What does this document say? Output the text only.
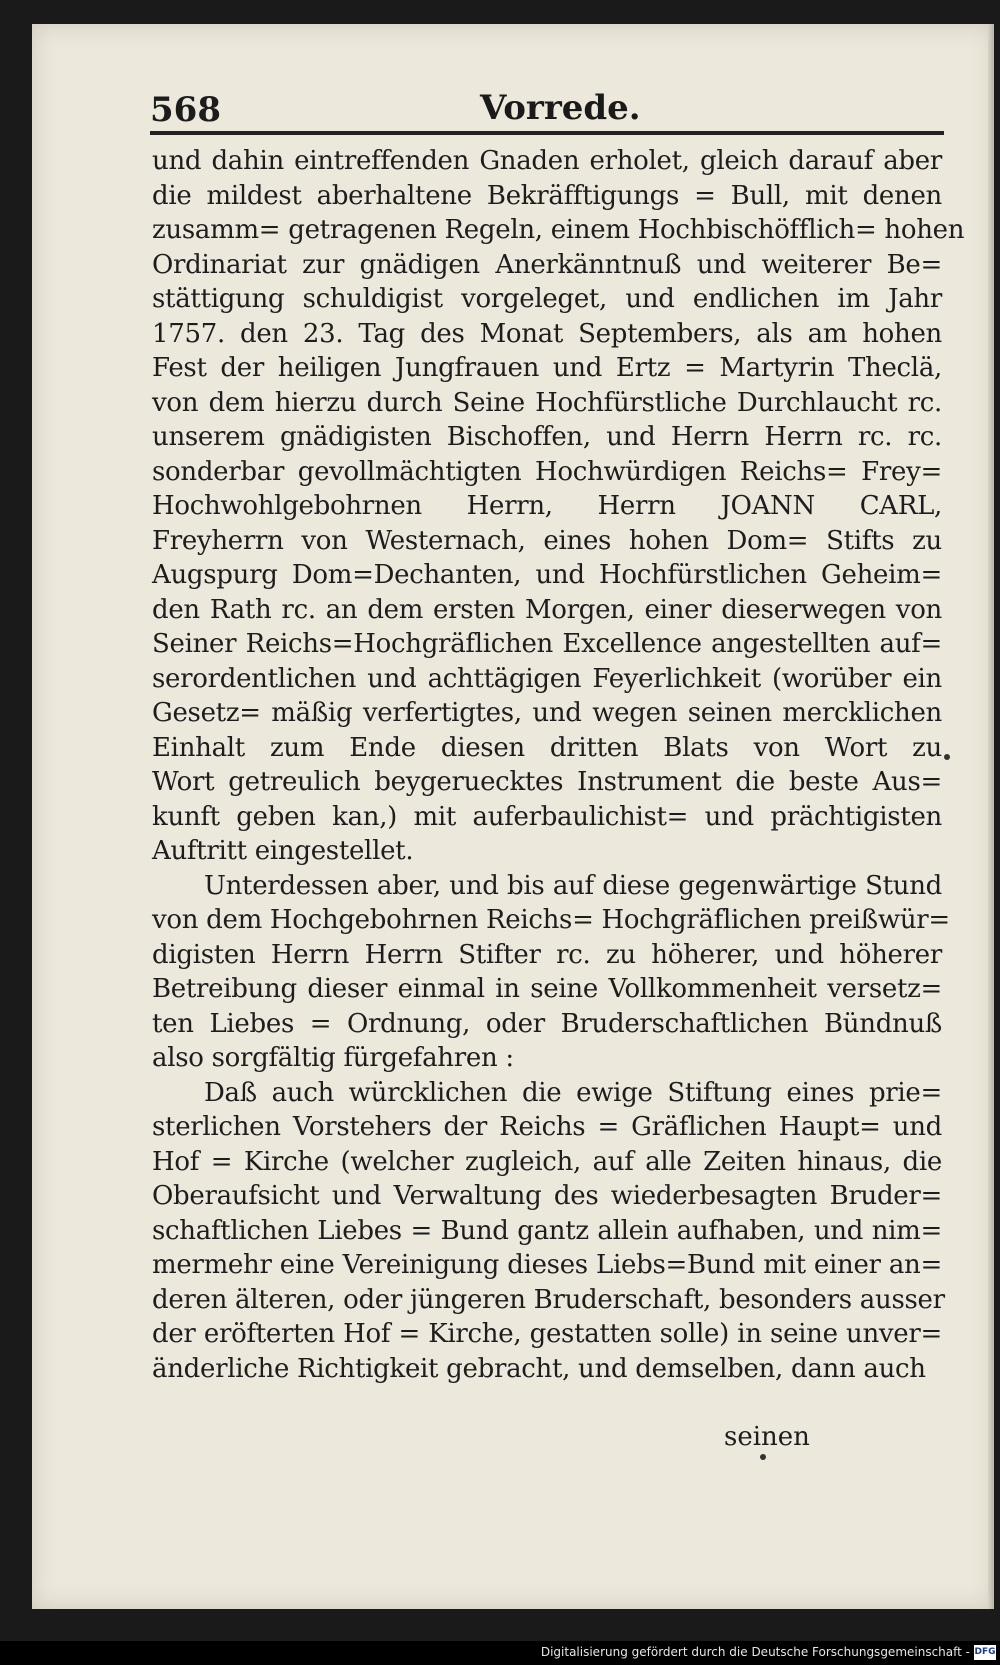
568	Vorrede.
und dahin eintreffenden Gnaden erholet, gleich darauf aber
die mildest aberhaltene Bekräfftigungs = Bull, mit denen
zusamm= getragenen Regeln, einem Hochbischöfflich= hohen
Ordinariat zur gnädigen Anerkänntnuß und weiterer Be=
stättigung schuldigist vorgeleget, und endlichen im Jahr
1757. den 23. Tag des Monat Septembers, als am hohen
Fest der heiligen Jungfrauen und Ertz = Martyrin Theclä,
von dem hierzu durch Seine Hochfürstliche Durchlaucht rc.
unserem gnädigisten Bischoffen, und Herrn Herrn rc. rc.
sonderbar gevollmächtigten Hochwürdigen Reichs= Frey=
Hochwohlgebohrnen Herrn, Herrn JOANN CARL,
Freyherrn von Westernach, eines hohen Dom= Stifts zu
Augspurg Dom=Dechanten, und Hochfürstlichen Geheim=
den Rath rc. an dem ersten Morgen, einer dieserwegen von
Seiner Reichs=Hochgräflichen Excellence angestellten auf=
serordentlichen und achttägigen Feyerlichkeit (worüber ein
Gesetz= mäßig verfertigtes, und wegen seinen mercklichen
Einhalt zum Ende diesen dritten Blats von Wort zu
Wort getreulich beygeruecktes Instrument die beste Aus=
kunft geben kan,) mit auferbaulichist= und prächtigisten
Auftritt eingestellet.
Unterdessen aber, und bis auf diese gegenwärtige Stund
von dem Hochgebohrnen Reichs= Hochgräflichen preißwür=
digisten Herrn Herrn Stifter rc. zu höherer, und höherer
Betreibung dieser einmal in seine Vollkommenheit versetz=
ten Liebes = Ordnung, oder Bruderschaftlichen Bündnuß
also sorgfältig fürgefahren :
Daß auch würcklichen die ewige Stiftung eines prie=
sterlichen Vorstehers der Reichs = Gräflichen Haupt= und
Hof = Kirche (welcher zugleich, auf alle Zeiten hinaus, die
Oberaufsicht und Verwaltung des wiederbesagten Bruder=
schaftlichen Liebes = Bund gantz allein aufhaben, und nim=
mermehr eine Vereinigung dieses Liebs=Bund mit einer an=
deren älteren, oder jüngeren Bruderschaft, besonders ausser
der eröfterten Hof = Kirche, gestatten solle) in seine unver=
änderliche Richtigkeit gebracht, und demselben, dann auch
seinen
Digitalisierung gefördert durch die Deutsche Forschungsgemeinschaft - DFG
